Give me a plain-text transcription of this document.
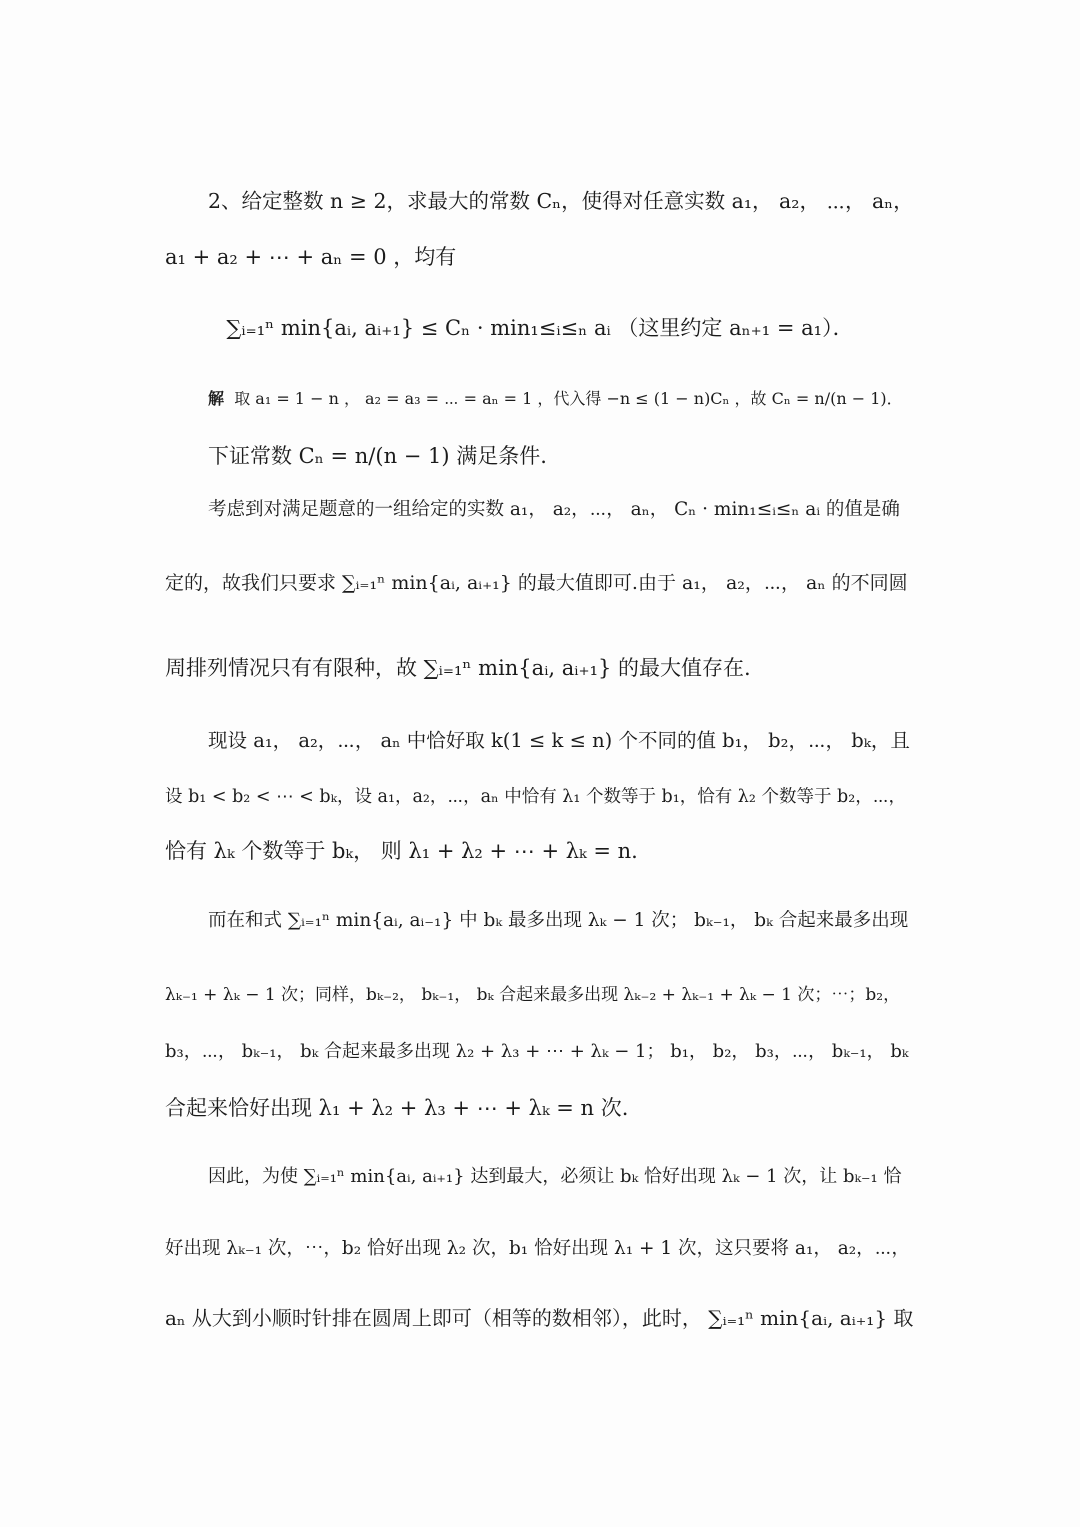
2、给定整数 n ≥ 2，求最大的常数 Cₙ，使得对任意实数 a₁， a₂， ⋯， aₙ，
a₁ + a₂ + ⋯ + aₙ = 0 ，均有
∑ᵢ₌₁ⁿ min{aᵢ, aᵢ₊₁} ≤ Cₙ · min₁≤ᵢ≤ₙ aᵢ （这里约定 aₙ₊₁ = a₁）．
解 取 a₁ = 1 − n ， a₂ = a₃ = ⋯ = aₙ = 1 ，代入得 −n ≤ (1 − n)Cₙ ，故 Cₙ = n/(n − 1)．
下证常数 Cₙ = n/(n − 1) 满足条件.
考虑到对满足题意的一组给定的实数 a₁， a₂，⋯， aₙ， Cₙ · min₁≤ᵢ≤ₙ aᵢ 的值是确
定的，故我们只要求 ∑ᵢ₌₁ⁿ min{aᵢ, aᵢ₊₁} 的最大值即可.由于 a₁， a₂，⋯， aₙ 的不同圆
周排列情况只有有限种，故 ∑ᵢ₌₁ⁿ min{aᵢ, aᵢ₊₁} 的最大值存在.
现设 a₁， a₂，⋯， aₙ 中恰好取 k(1 ≤ k ≤ n) 个不同的值 b₁， b₂，⋯， bₖ，且
设 b₁ < b₂ < ⋯ < bₖ，设 a₁，a₂，⋯，aₙ 中恰有 λ₁ 个数等于 b₁，恰有 λ₂ 个数等于 b₂，⋯，
恰有 λₖ 个数等于 bₖ， 则 λ₁ + λ₂ + ⋯ + λₖ = n.
而在和式 ∑ᵢ₌₁ⁿ min{aᵢ, aᵢ₋₁} 中 bₖ 最多出现 λₖ − 1 次； bₖ₋₁， bₖ 合起来最多出现
λₖ₋₁ + λₖ − 1 次；同样，bₖ₋₂， bₖ₋₁， bₖ 合起来最多出现 λₖ₋₂ + λₖ₋₁ + λₖ − 1 次；⋯；b₂，
b₃，⋯， bₖ₋₁， bₖ 合起来最多出现 λ₂ + λ₃ + ⋯ + λₖ − 1； b₁， b₂， b₃，⋯， bₖ₋₁， bₖ
合起来恰好出现 λ₁ + λ₂ + λ₃ + ⋯ + λₖ = n 次.
因此，为使 ∑ᵢ₌₁ⁿ min{aᵢ, aᵢ₊₁} 达到最大，必须让 bₖ 恰好出现 λₖ − 1 次，让 bₖ₋₁ 恰
好出现 λₖ₋₁ 次，⋯，b₂ 恰好出现 λ₂ 次，b₁ 恰好出现 λ₁ + 1 次，这只要将 a₁， a₂，⋯，
aₙ 从大到小顺时针排在圆周上即可（相等的数相邻），此时， ∑ᵢ₌₁ⁿ min{aᵢ, aᵢ₊₁} 取
